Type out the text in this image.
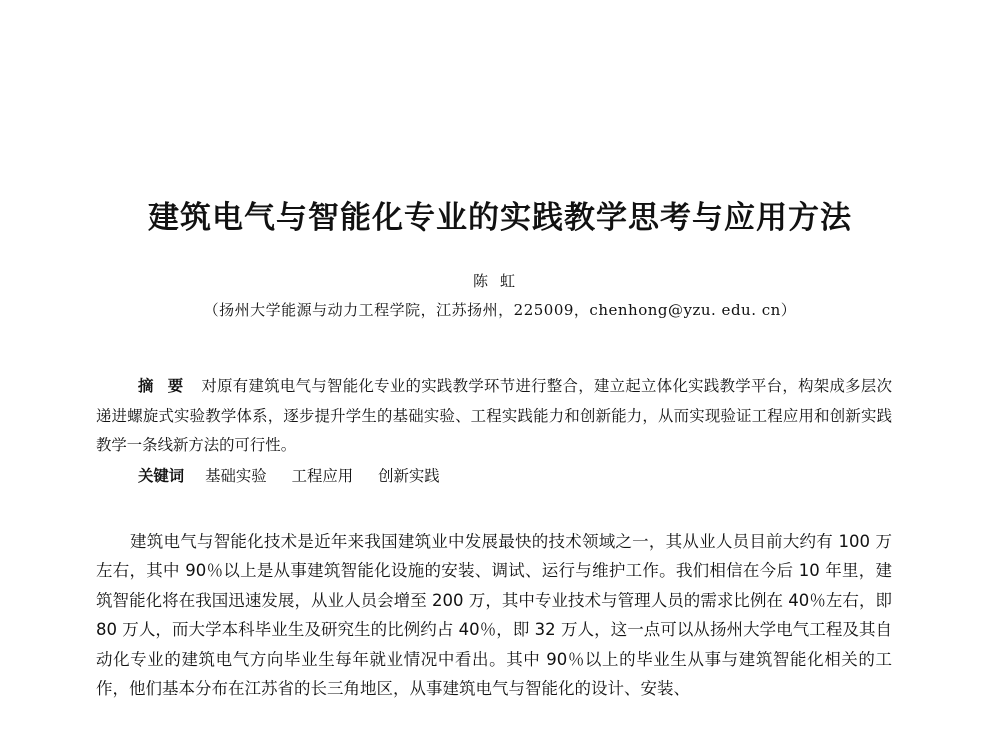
建筑电气与智能化专业的实践教学思考与应用方法
陈虹
（扬州大学能源与动力工程学院，江苏扬州，225009，chenhong@yzu. edu. cn）

摘要 对原有建筑电气与智能化专业的实践教学环节进行整合，建立起立体化实践教学平台，构架成多层次递进螺旋式实验教学体系，逐步提升学生的基础实验、工程实践能力和创新能力，从而实现验证工程应用和创新实践教学一条线新方法的可行性。

关键词 基础实验 工程应用 创新实践

建筑电气与智能化技术是近年来我国建筑业中发展最快的技术领域之一，其从业人员目前大约有 100 万左右，其中 90％以上是从事建筑智能化设施的安装、调试、运行与维护工作。我们相信在今后 10 年里，建筑智能化将在我国迅速发展，从业人员会增至 200 万，其中专业技术与管理人员的需求比例在 40％左右，即 80 万人，而大学本科毕业生及研究生的比例约占 40％，即 32 万人，这一点可以从扬州大学电气工程及其自动化专业的建筑电气方向毕业生每年就业情况中看出。其中 90％以上的毕业生从事与建筑智能化相关的工作，他们基本分布在江苏省的长三角地区，从事建筑电气与智能化的设计、安装、
